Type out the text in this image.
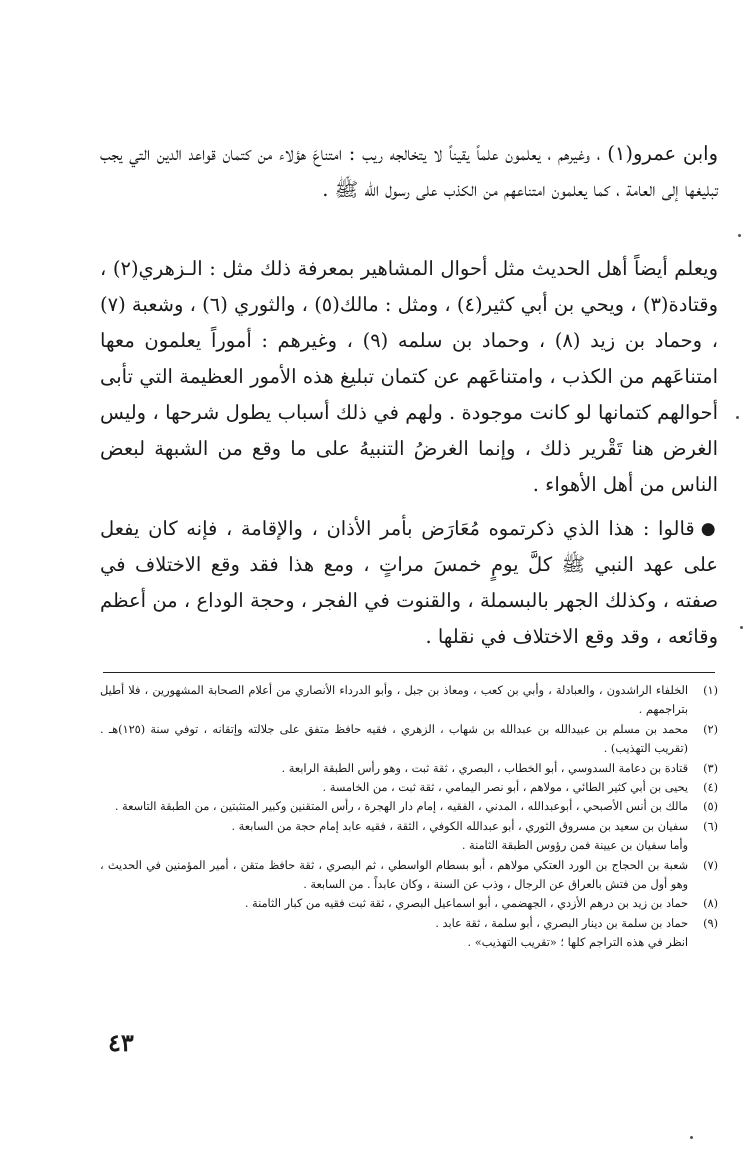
وابن عمرو(١) ، وغيرهم ، يعلمون علماً يقيناً لا يتخالجه ريب : امتناعَ هؤلاء من كتمان قواعد الدين التي يجب تبليغها إلى العامة ، كما يعلمون امتناعهم من الكذب على رسول الله ﷺ .

ويعلم أيضاً أهل الحديث مثل أحوال المشاهير بمعرفة ذلك مثل : الـزهري(٢) ، وقتادة(٣) ، ويحي بن أبي كثير(٤) ، ومثل : مالك(٥) ، والثوري (٦) ، وشعبة (٧) ، وحماد بن زيد (٨) ، وحماد بن سلمه (٩) ، وغيرهم : أموراً يعلمون معها امتناعَهم من الكذب ، وامتناعَهم عن كتمان تبليغ هذه الأمور العظيمة التي تأبى أحوالهم كتمانها لو كانت موجودة . ولهم في ذلك أسباب يطول شرحها ، وليس الغرض هنا تَقْرير ذلك ، وإنما الغرضُ التنبيهُ على ما وقع من الشبهة لبعض الناس من أهل الأهواء .

●قالوا : هذا الذي ذكرتموه مُعَارَض بأمر الأذان ، والإقامة ، فإنه كان يفعل على عهد النبي ﷺ كلَّ يومٍ خمسَ مراتٍ ، ومع هذا فقد وقع الاختلاف في صفته ، وكذلك الجهر بالبسملة ، والقنوت في الفجر ، وحجة الوداع ، من أعظم وقائعه ، وقد وقع الاختلاف في نقلها .

(١)
الخلفاء الراشدون ، والعبادلة ، وأبي بن كعب ، ومعاذ بن جبل ، وأبو الدرداء الأنصاري من أعلام الصحابة المشهورين ، فلا أطيل بتراجمهم .
(٢)
محمد بن مسلم بن عبيدالله بن عبدالله بن شهاب ، الزهري ، فقيه حافظ متفق على جلالته وإتقانه ، توفي سنة (١٢٥)هـ . (تقريب التهذيب) .
(٣)
قتادة بن دعامة السدوسي ، أبو الخطاب ، البصري ، ثقة ثبت ، وهو رأس الطبقة الرابعة .
(٤)
يحيى بن أبي كثير الطائي ، مولاهم ، أبو نصر اليمامي ، ثقة ثبت ، من الخامسة .
(٥)
مالك بن أنس الأصبحي ، أبوعبدالله ، المدني ، الفقيه ، إمام دار الهجرة ، رأس المتقنين وكبير المتثبتين ، من الطبقة التاسعة .
(٦)
سفيان بن سعيد بن مسروق الثوري ، أبو عبدالله الكوفي ، الثقة ، فقيه عابد إمام حجة من السابعة .
وأما سفيان بن عيينة فمن رؤوس الطبقة الثامنة .
(٧)
شعبة بن الحجاج بن الورد العتكي مولاهم ، أبو بسطام الواسطي ، ثم البصري ، ثقة حافظ متقن ، أمير المؤمنين في الحديث ، وهو أول من فتش بالعراق عن الرجال ، وذب عن السنة ، وكان عابداً . من السابعة .
(٨)
حماد بن زيد بن درهم الأزدي ، الجهضمي ، أبو اسماعيل البصري ، ثقة ثبت فقيه من كبار الثامنة .
(٩)
حماد بن سلمة بن دينار البصري ، أبو سلمة ، ثقة عابد .
انظر في هذه التراجم كلها ؛ «تقريب التهذيب» .
٤٣
